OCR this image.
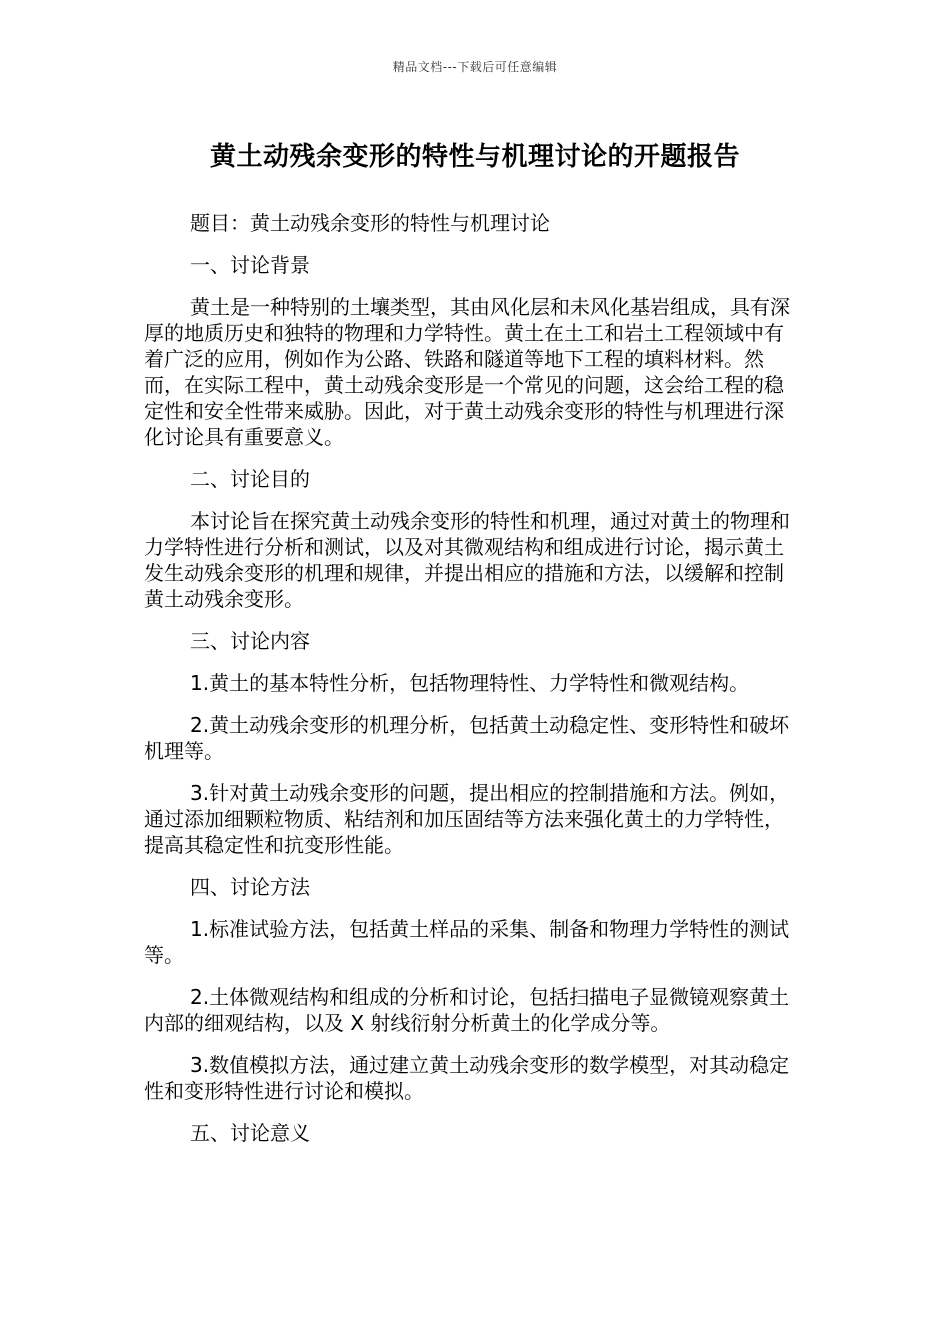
精品文档---下载后可任意编辑
黄土动残余变形的特性与机理讨论的开题报告

题目：黄土动残余变形的特性与机理讨论

一、讨论背景

黄土是一种特别的土壤类型，其由风化层和未风化基岩组成，具有深厚的地质历史和独特的物理和力学特性。黄土在土工和岩土工程领域中有着广泛的应用，例如作为公路、铁路和隧道等地下工程的填料材料。然而，在实际工程中，黄土动残余变形是一个常见的问题，这会给工程的稳定性和安全性带来威胁。因此，对于黄土动残余变形的特性与机理进行深化讨论具有重要意义。

二、讨论目的

本讨论旨在探究黄土动残余变形的特性和机理，通过对黄土的物理和力学特性进行分析和测试，以及对其微观结构和组成进行讨论，揭示黄土发生动残余变形的机理和规律，并提出相应的措施和方法，以缓解和控制黄土动残余变形。

三、讨论内容

1.黄土的基本特性分析，包括物理特性、力学特性和微观结构。

2.黄土动残余变形的机理分析，包括黄土动稳定性、变形特性和破坏机理等。

3.针对黄土动残余变形的问题，提出相应的控制措施和方法。例如，通过添加细颗粒物质、粘结剂和加压固结等方法来强化黄土的力学特性，提高其稳定性和抗变形性能。

四、讨论方法

1.标准试验方法，包括黄土样品的采集、制备和物理力学特性的测试等。

2.土体微观结构和组成的分析和讨论，包括扫描电子显微镜观察黄土内部的细观结构，以及 X 射线衍射分析黄土的化学成分等。

3.数值模拟方法，通过建立黄土动残余变形的数学模型，对其动稳定性和变形特性进行讨论和模拟。

五、讨论意义
